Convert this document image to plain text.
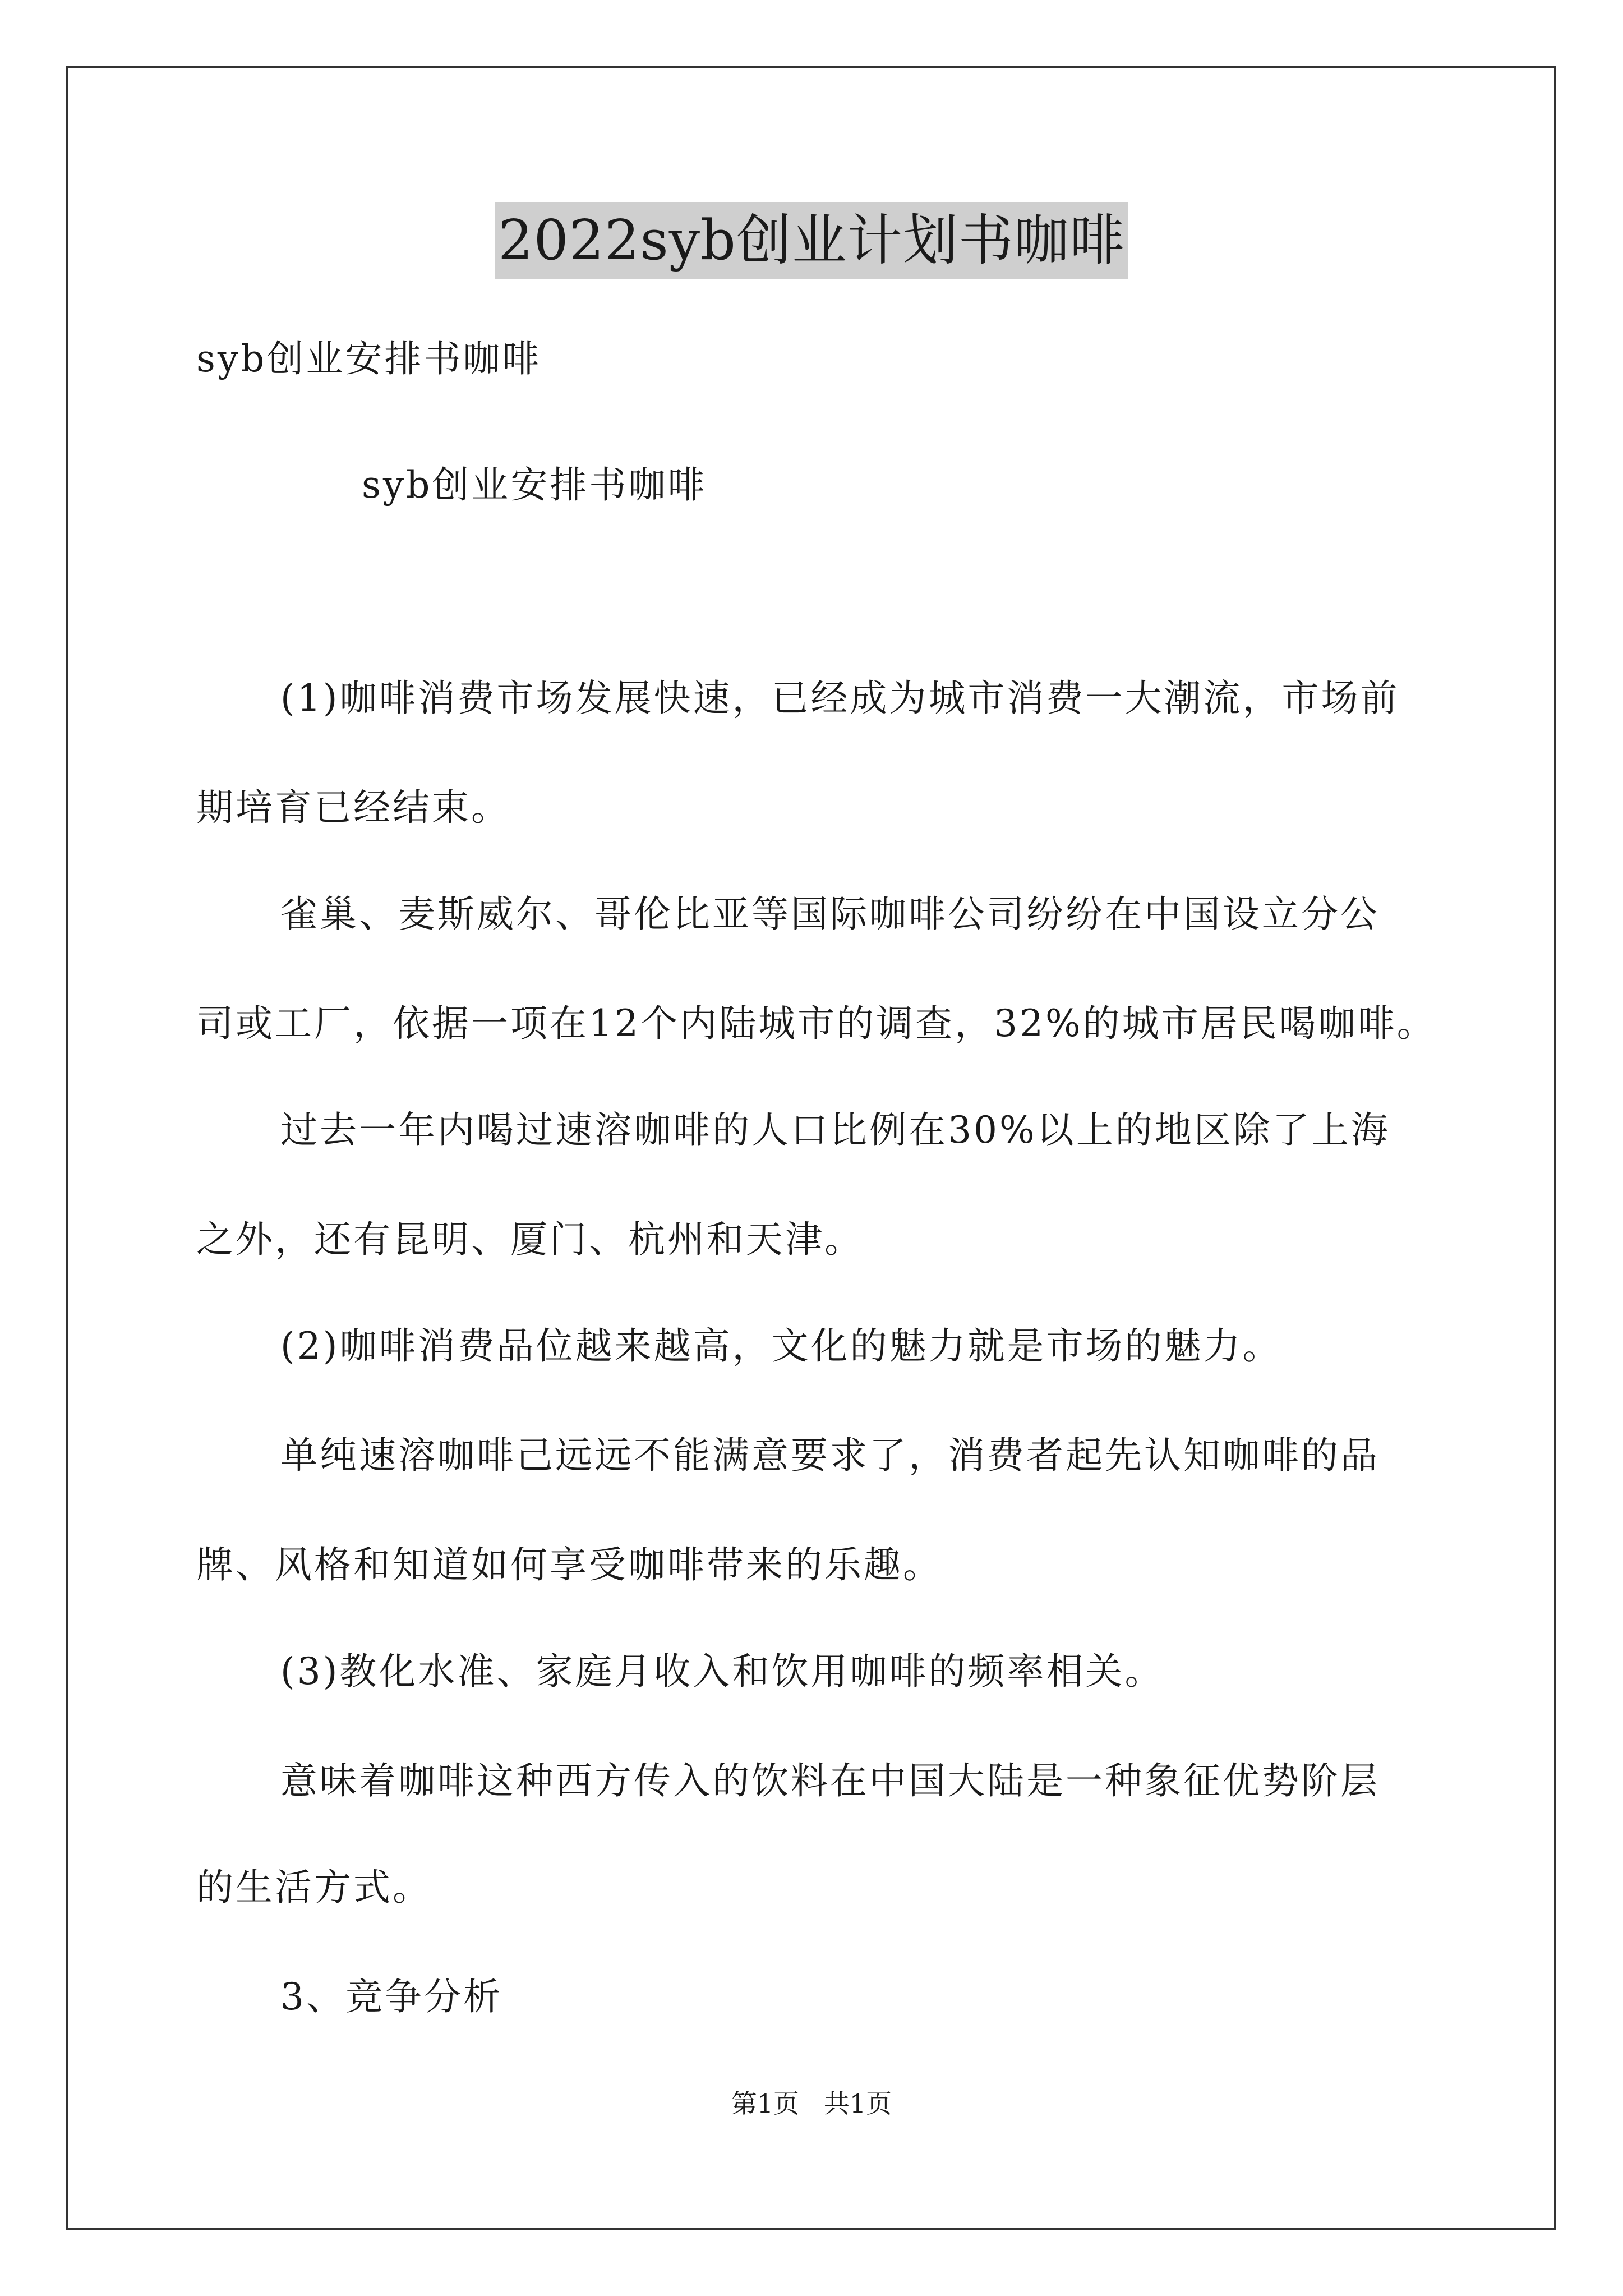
2022syb创业计划书咖啡
syb创业安排书咖啡
syb创业安排书咖啡
(1)咖啡消费市场发展快速，已经成为城市消费一大潮流，市场前
期培育已经结束。
雀巢、麦斯威尔、哥伦比亚等国际咖啡公司纷纷在中国设立分公
司或工厂，依据一项在12个内陆城市的调查，32%的城市居民喝咖啡。
过去一年内喝过速溶咖啡的人口比例在30%以上的地区除了上海
之外，还有昆明、厦门、杭州和天津。
(2)咖啡消费品位越来越高，文化的魅力就是市场的魅力。
单纯速溶咖啡己远远不能满意要求了，消费者起先认知咖啡的品
牌、风格和知道如何享受咖啡带来的乐趣。
(3)教化水准、家庭月收入和饮用咖啡的频率相关。
意味着咖啡这种西方传入的饮料在中国大陆是一种象征优势阶层
的生活方式。
3、竞争分析
第1页   共1页
